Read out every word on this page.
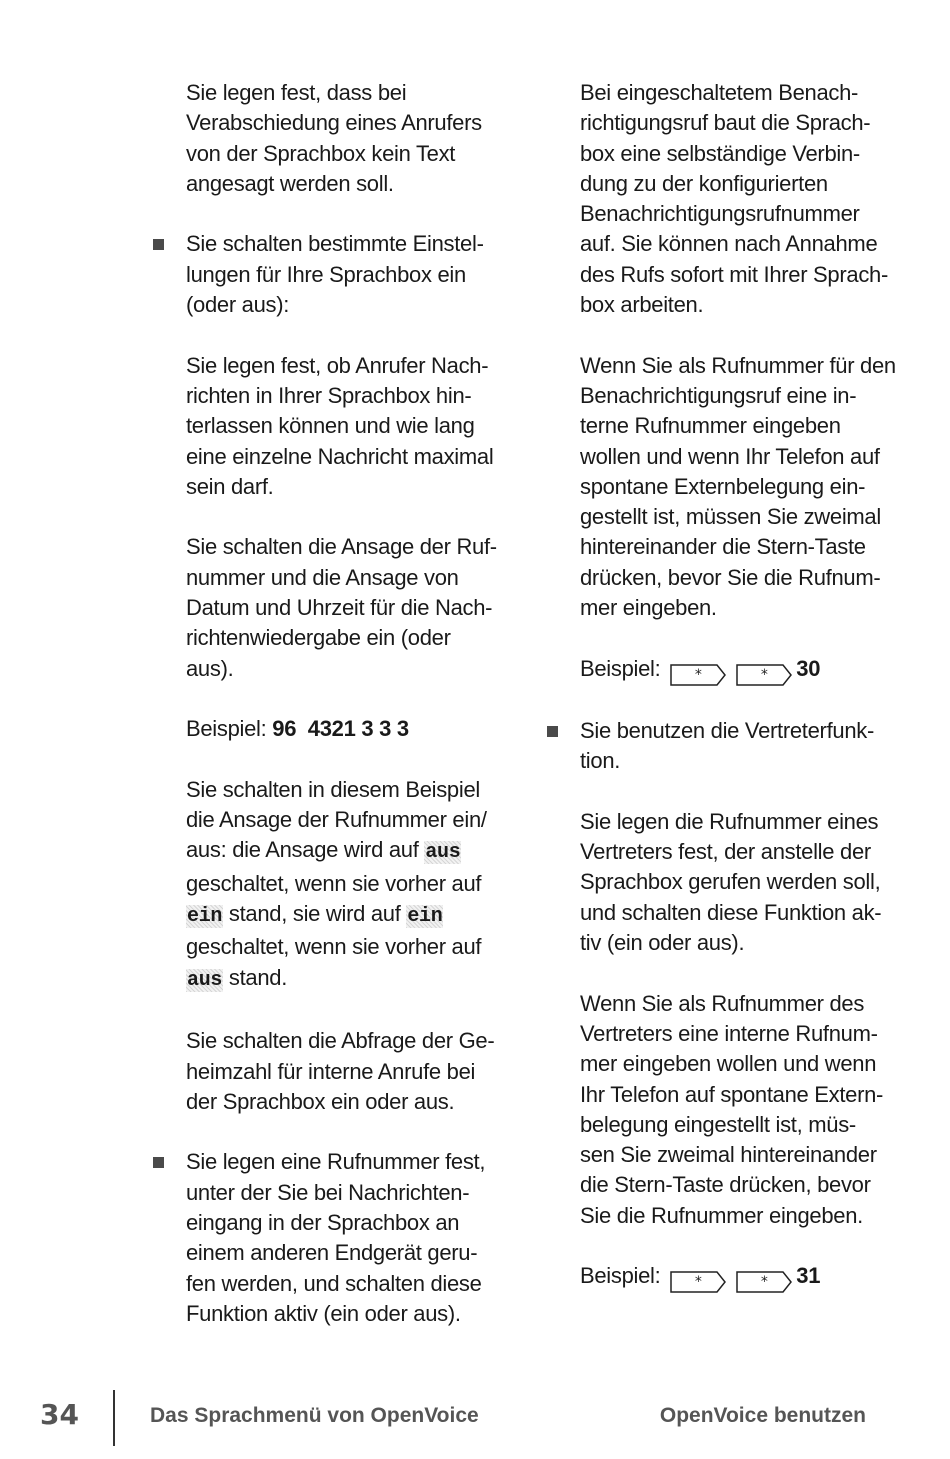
Sie legen fest, dass bei
Verabschiedung eines Anrufers
von der Sprachbox kein Text
angesagt werden soll.
Sie schalten bestimmte Einstel-
lungen für Ihre Sprachbox ein
(oder aus):
Sie legen fest, ob Anrufer Nach-
richten in Ihrer Sprachbox hin-
terlassen können und wie lang
eine einzelne Nachricht maximal
sein darf.
Sie schalten die Ansage der Ruf-
nummer und die Ansage von
Datum und Uhrzeit für die Nach-
richtenwiedergabe ein (oder
aus).
Beispiel: 96  4321 3 3 3
Sie schalten in diesem Beispiel
die Ansage der Rufnummer ein/
aus: die Ansage wird auf aus
geschaltet, wenn sie vorher auf
ein stand, sie wird auf ein
geschaltet, wenn sie vorher auf
aus stand.
Sie schalten die Abfrage der Ge-
heimzahl für interne Anrufe bei
der Sprachbox ein oder aus.
Sie legen eine Rufnummer fest,
unter der Sie bei Nachrichten-
eingang in der Sprachbox an
einem anderen Endgerät geru-
fen werden, und schalten diese
Funktion aktiv (ein oder aus).
Bei eingeschaltetem Benach-
richtigungsruf baut die Sprach-
box eine selbständige Verbin-
dung zu der konfigurierten
Benachrichtigungsrufnummer
auf. Sie können nach Annahme
des Rufs sofort mit Ihrer Sprach-
box arbeiten.
Wenn Sie als Rufnummer für den
Benachrichtigungsruf eine in-
terne Rufnummer eingeben
wollen und wenn Ihr Telefon auf
spontane Externbelegung ein-
gestellt ist, müssen Sie zweimal
hintereinander die Stern-Taste
drücken, bevor Sie die Rufnum-
mer eingeben.
Beispiel: *	* 30
Sie benutzen die Vertreterfunk-
tion.
Sie legen die Rufnummer eines
Vertreters fest, der anstelle der
Sprachbox gerufen werden soll,
und schalten diese Funktion ak-
tiv (ein oder aus).
Wenn Sie als Rufnummer des
Vertreters eine interne Rufnum-
mer eingeben wollen und wenn
Ihr Telefon auf spontane Extern-
belegung eingestellt ist, müs-
sen Sie zweimal hintereinander
die Stern-Taste drücken, bevor
Sie die Rufnummer eingeben.
Beispiel: *	* 31
34	Das Sprachmenü von OpenVoice	OpenVoice benutzen
